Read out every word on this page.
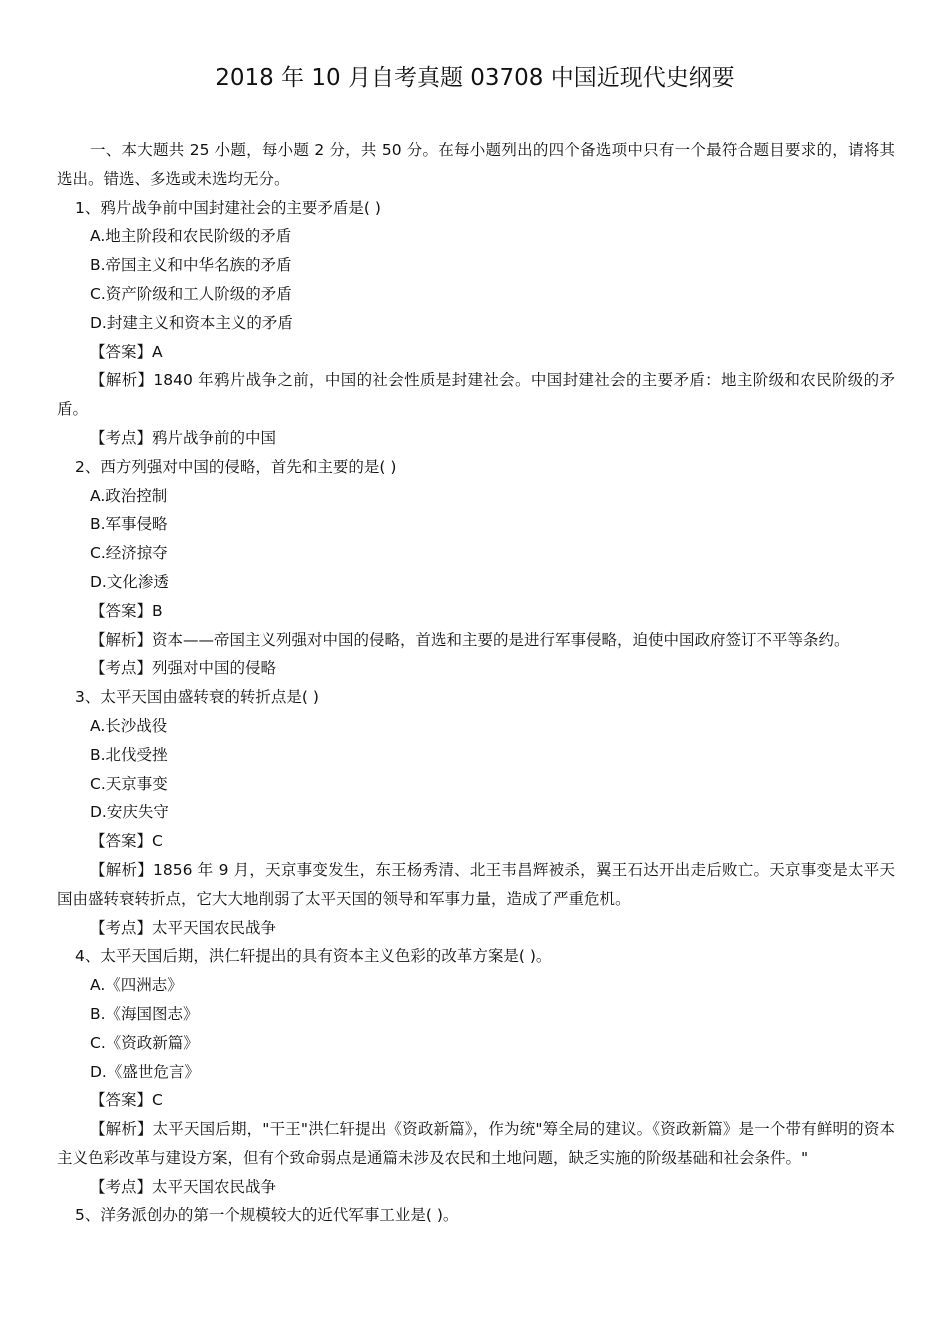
2018 年 10 月自考真题 03708 中国近现代史纲要

一、本大题共 25 小题，每小题 2 分，共 50 分。在每小题列出的四个备选项中只有一个最符合题目要求的，请将其选出。错选、多选或未选均无分。

1、鸦片战争前中国封建社会的主要矛盾是( )

A.地主阶段和农民阶级的矛盾

B.帝国主义和中华名族的矛盾

C.资产阶级和工人阶级的矛盾

D.封建主义和资本主义的矛盾

【答案】A

【解析】1840 年鸦片战争之前，中国的社会性质是封建社会。中国封建社会的主要矛盾：地主阶级和农民阶级的矛盾。

【考点】鸦片战争前的中国

2、西方列强对中国的侵略，首先和主要的是( )

A.政治控制

B.军事侵略

C.经济掠夺

D.文化渗透

【答案】B

【解析】资本——帝国主义列强对中国的侵略，首选和主要的是进行军事侵略，迫使中国政府签订不平等条约。

【考点】列强对中国的侵略

3、太平天国由盛转衰的转折点是( )

A.长沙战役

B.北伐受挫

C.天京事变

D.安庆失守

【答案】C

【解析】1856 年 9 月，天京事变发生，东王杨秀清、北王韦昌辉被杀，翼王石达开出走后败亡。天京事变是太平天国由盛转衰转折点，它大大地削弱了太平天国的领导和军事力量，造成了严重危机。

【考点】太平天国农民战争

4、太平天国后期，洪仁轩提出的具有资本主义色彩的改革方案是( )。

A.《四洲志》

B.《海国图志》

C.《资政新篇》

D.《盛世危言》

【答案】C

【解析】太平天国后期，"干王"洪仁轩提出《资政新篇》，作为统"筹全局的建议。《资政新篇》是一个带有鲜明的资本主义色彩改革与建设方案，但有个致命弱点是通篇未涉及农民和土地问题，缺乏实施的阶级基础和社会条件。"

【考点】太平天国农民战争

5、洋务派创办的第一个规模较大的近代军事工业是( )。
